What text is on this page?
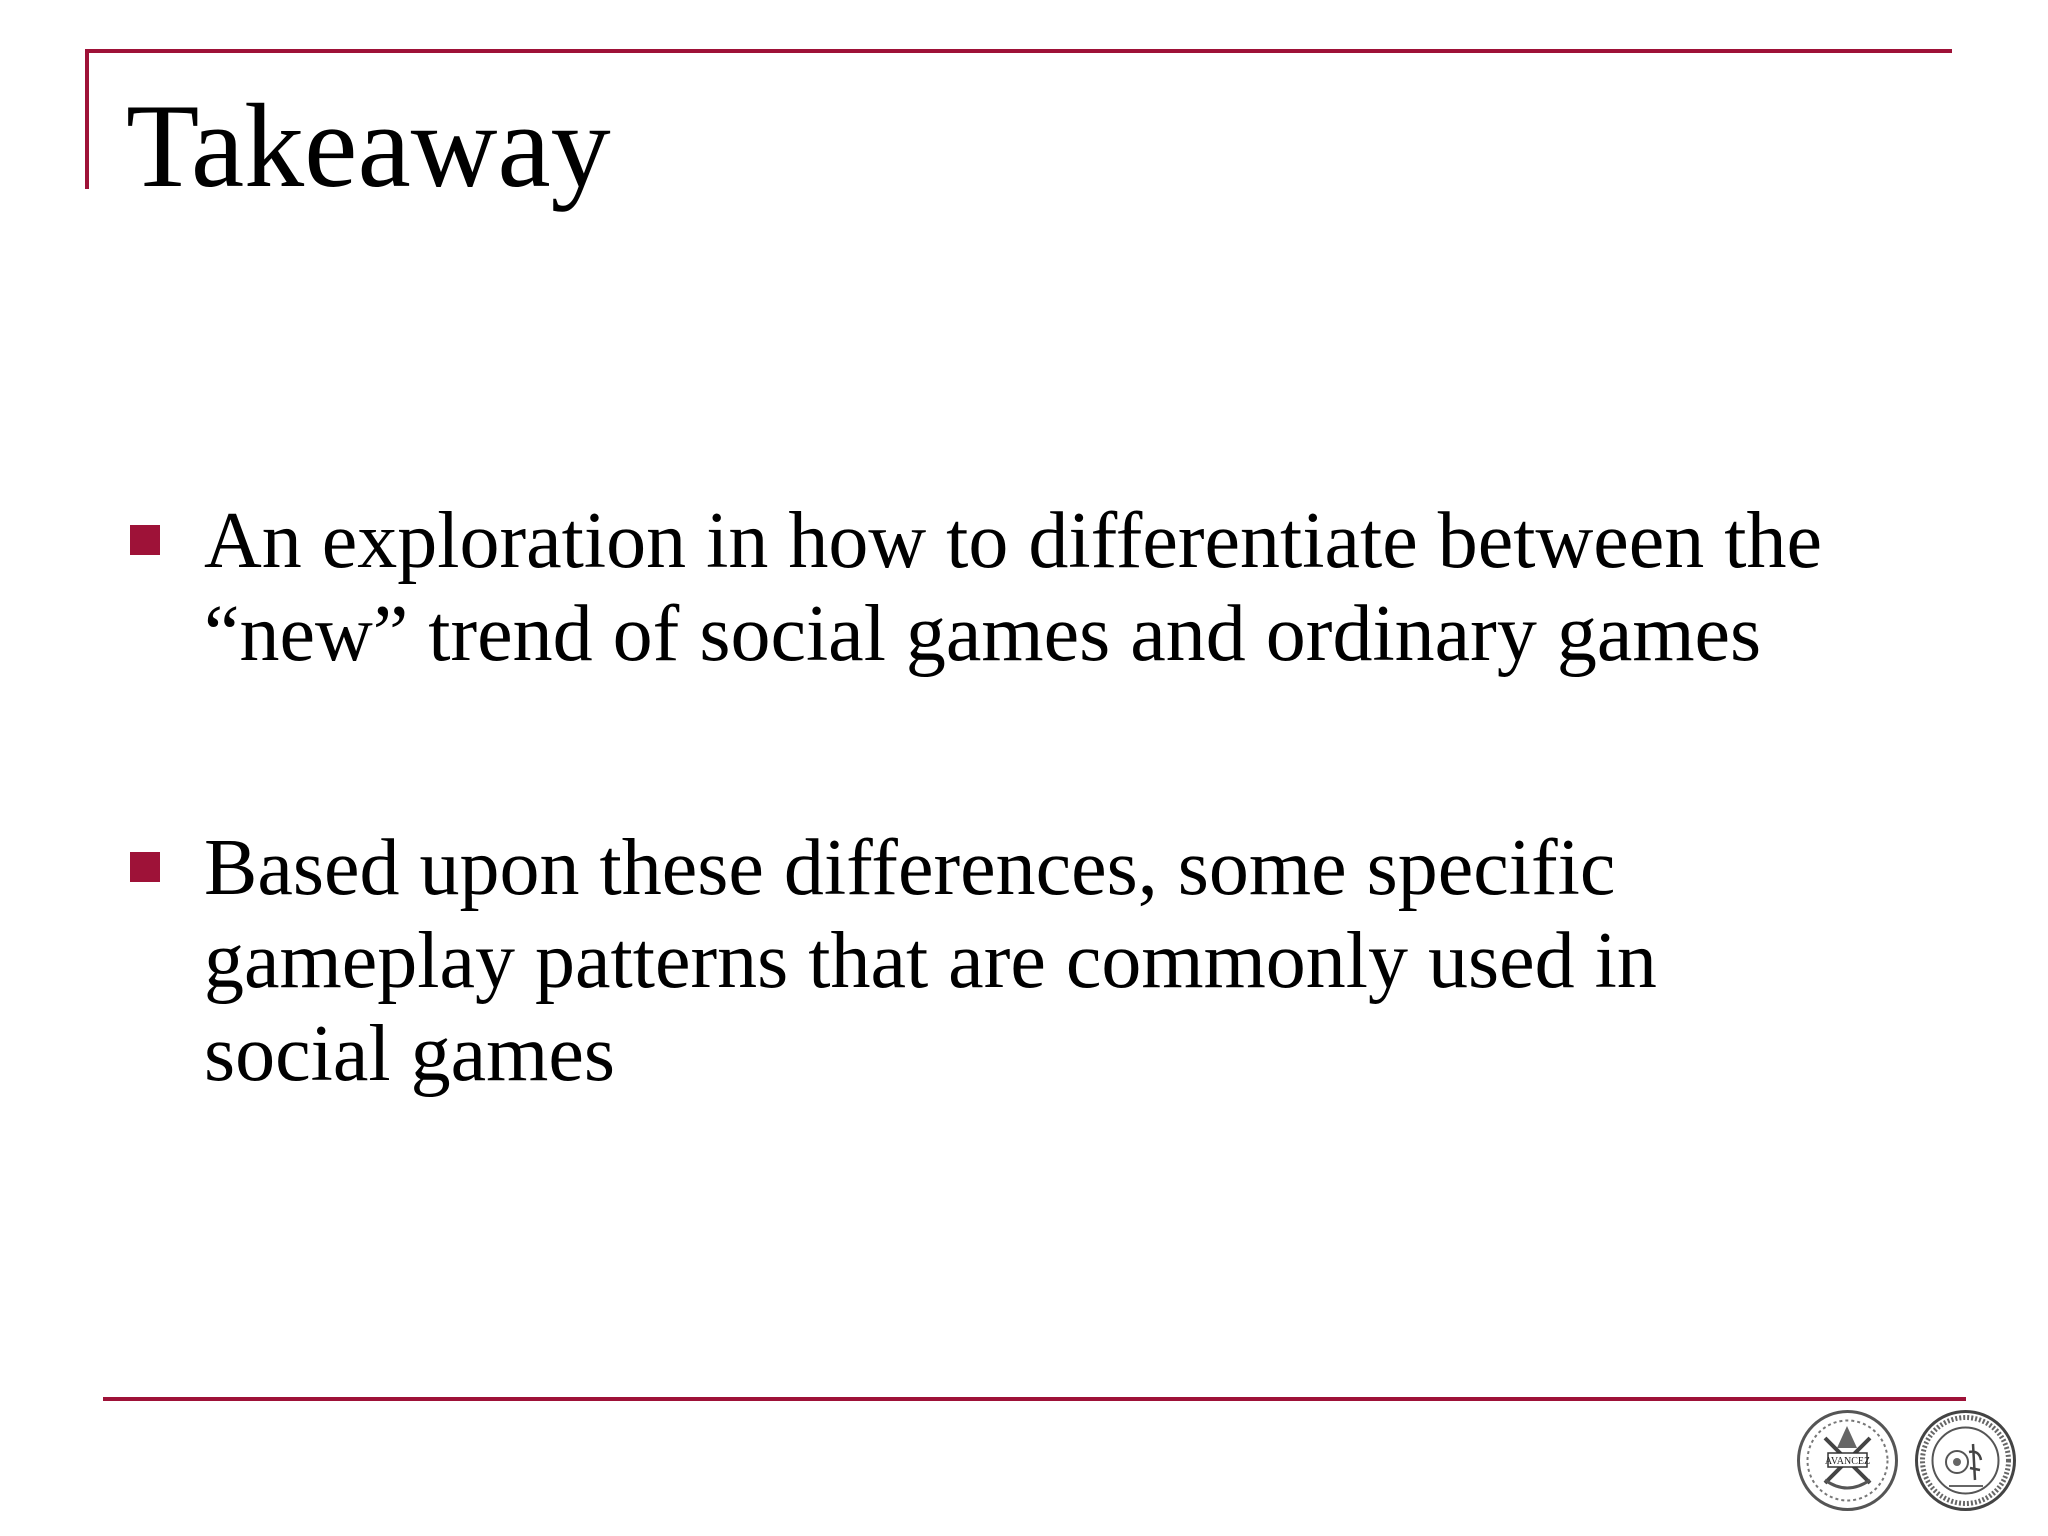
Takeaway
An exploration in how to differentiate between the
“new” trend of social games and ordinary games
Based upon these differences, some specific
gameplay patterns that are commonly used in
social games
AVANCEZ
